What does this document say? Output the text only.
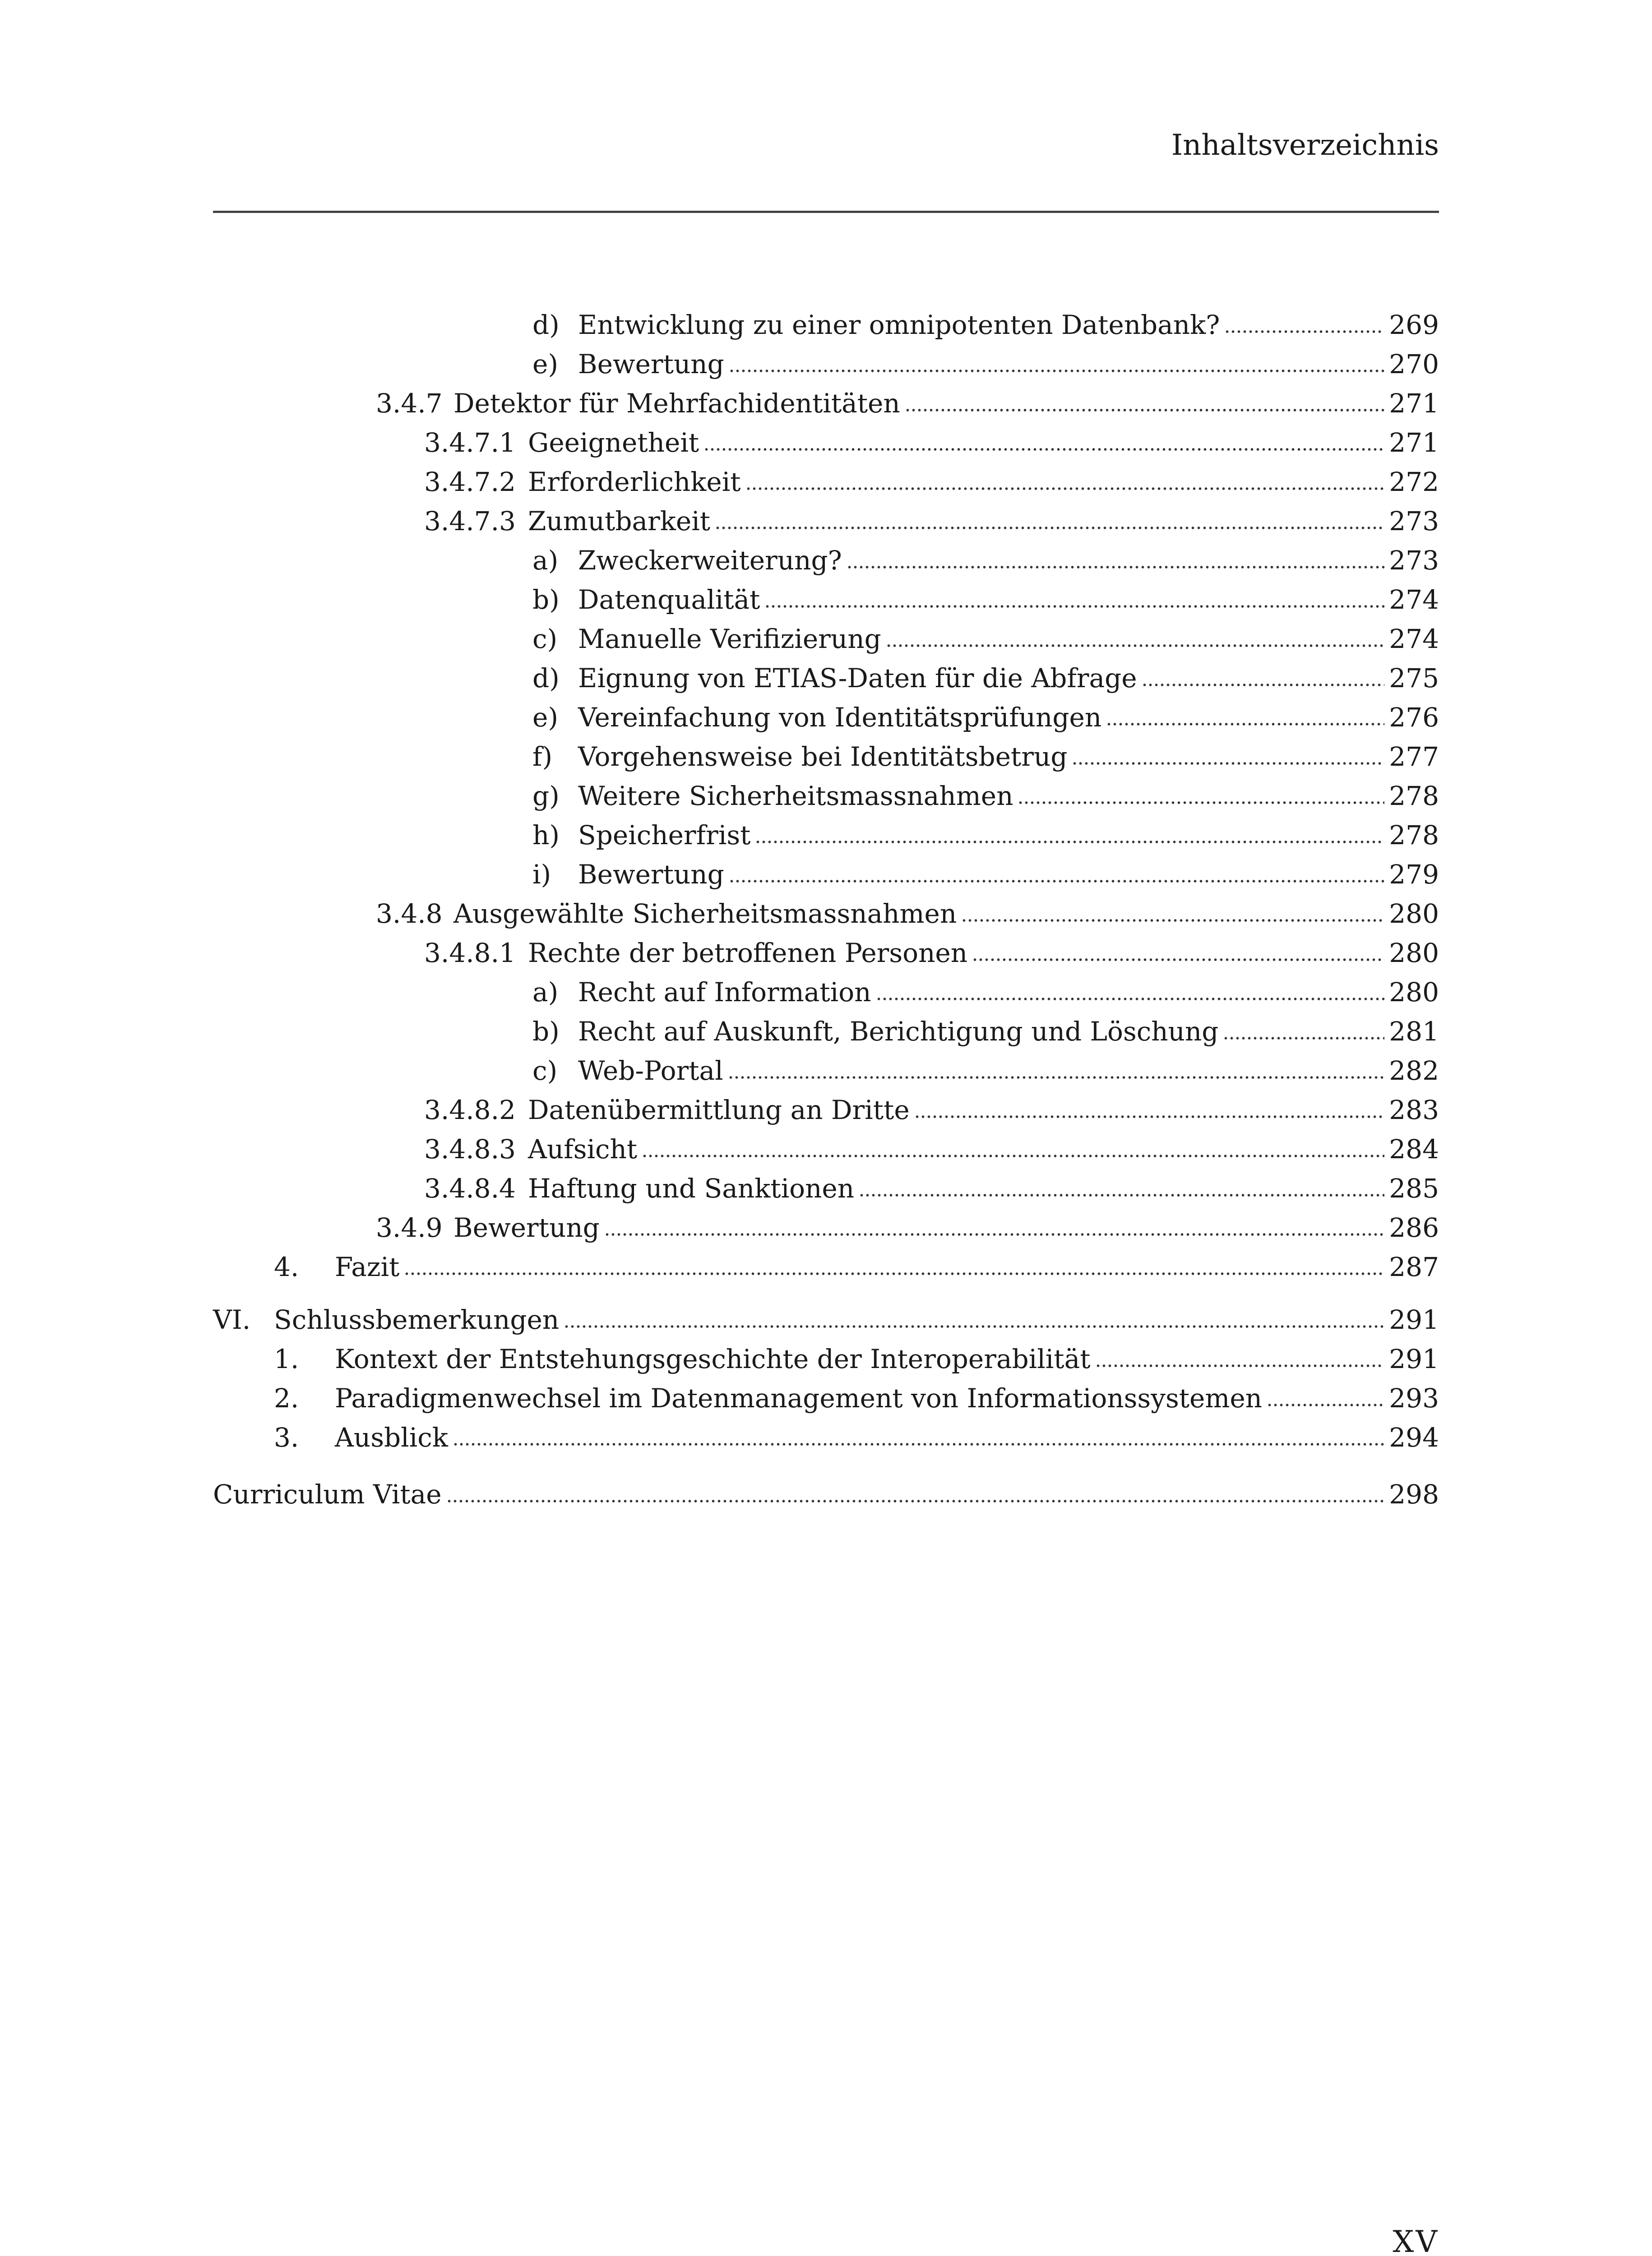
Inhaltsverzeichnis
d) Entwicklung zu einer omnipotenten Datenbank?	269
e) Bewertung	270
3.4.7 Detektor für Mehrfachidentitäten	271
3.4.7.1 Geeignetheit	271
3.4.7.2 Erforderlichkeit	272
3.4.7.3 Zumutbarkeit	273
a) Zweckerweiterung?	273
b) Datenqualität	274
c) Manuelle Verifizierung	274
d) Eignung von ETIAS-Daten für die Abfrage	275
e) Vereinfachung von Identitätsprüfungen	276
f) Vorgehensweise bei Identitätsbetrug	277
g) Weitere Sicherheitsmassnahmen	278
h) Speicherfrist	278
i) Bewertung	279
3.4.8 Ausgewählte Sicherheitsmassnahmen	280
3.4.8.1 Rechte der betroffenen Personen	280
a) Recht auf Information	280
b) Recht auf Auskunft, Berichtigung und Löschung	281
c) Web-Portal	282
3.4.8.2 Datenübermittlung an Dritte	283
3.4.8.3 Aufsicht	284
3.4.8.4 Haftung und Sanktionen	285
3.4.9 Bewertung	286
4. Fazit	287
VI. Schlussbemerkungen	291
1. Kontext der Entstehungsgeschichte der Interoperabilität	291
2. Paradigmenwechsel im Datenmanagement von Informationssystemen	293
3. Ausblick	294
Curriculum Vitae	298
XV
